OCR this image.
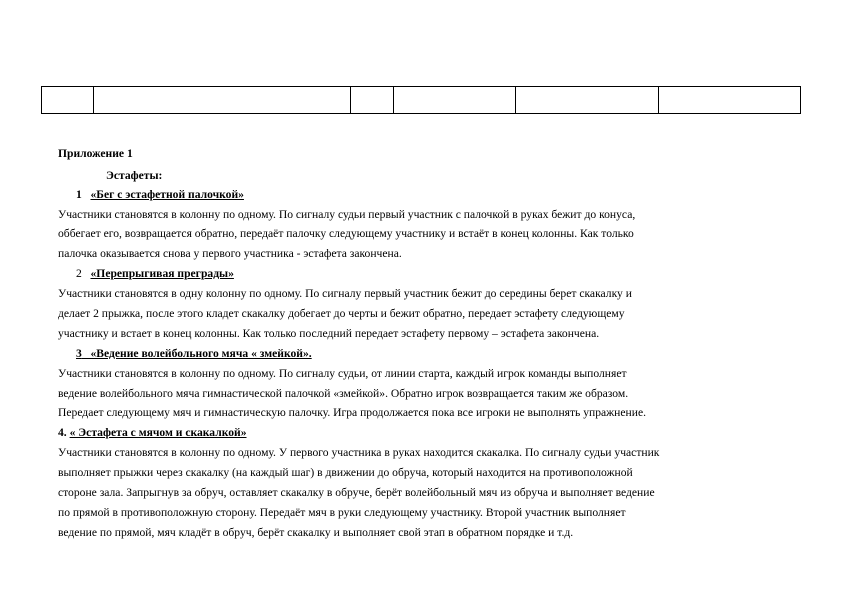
Приложение 1
Эстафеты:
1 «Бег с эстафетной палочкой»
Участники становятся в колонну по одному. По сигналу судьи первый участник с палочкой в руках бежит до конуса,
оббегает его, возвращается обратно, передаёт палочку следующему участнику и встаёт в конец колонны. Как только
палочка оказывается снова у первого участника - эстафета закончена.
2 «Перепрыгивая преграды»
Участники становятся в одну колонну по одному. По сигналу первый участник бежит до середины берет скакалку и
делает 2 прыжка, после этого кладет скакалку добегает до черты и бежит обратно, передает эстафету следующему
участнику и встает в конец колонны. Как только последний передает эстафету первому – эстафета закончена.
3 «Ведение волейбольного мяча « змейкой».
Участники становятся в колонну по одному. По сигналу судьи, от линии старта, каждый игрок команды выполняет
ведение волейбольного мяча гимнастической палочкой «змейкой». Обратно игрок возвращается таким же образом.
Передает следующему мяч и гимнастическую палочку. Игра продолжается пока все игроки не выполнять упражнение.
4. « Эстафета с мячом и скакалкой»
Участники становятся в колонну по одному. У первого участника в руках находится скакалка. По сигналу судьи участник
выполняет прыжки через скакалку (на каждый шаг) в движении до обруча, который находится на противоположной
стороне зала. Запрыгнув за обруч, оставляет скакалку в обруче, берёт волейбольный мяч из обруча и выполняет ведение
по прямой в противоположную сторону. Передаёт мяч в руки следующему участнику. Второй участник выполняет
ведение по прямой, мяч кладёт в обруч, берёт скакалку и выполняет свой этап в обратном порядке и т.д.
